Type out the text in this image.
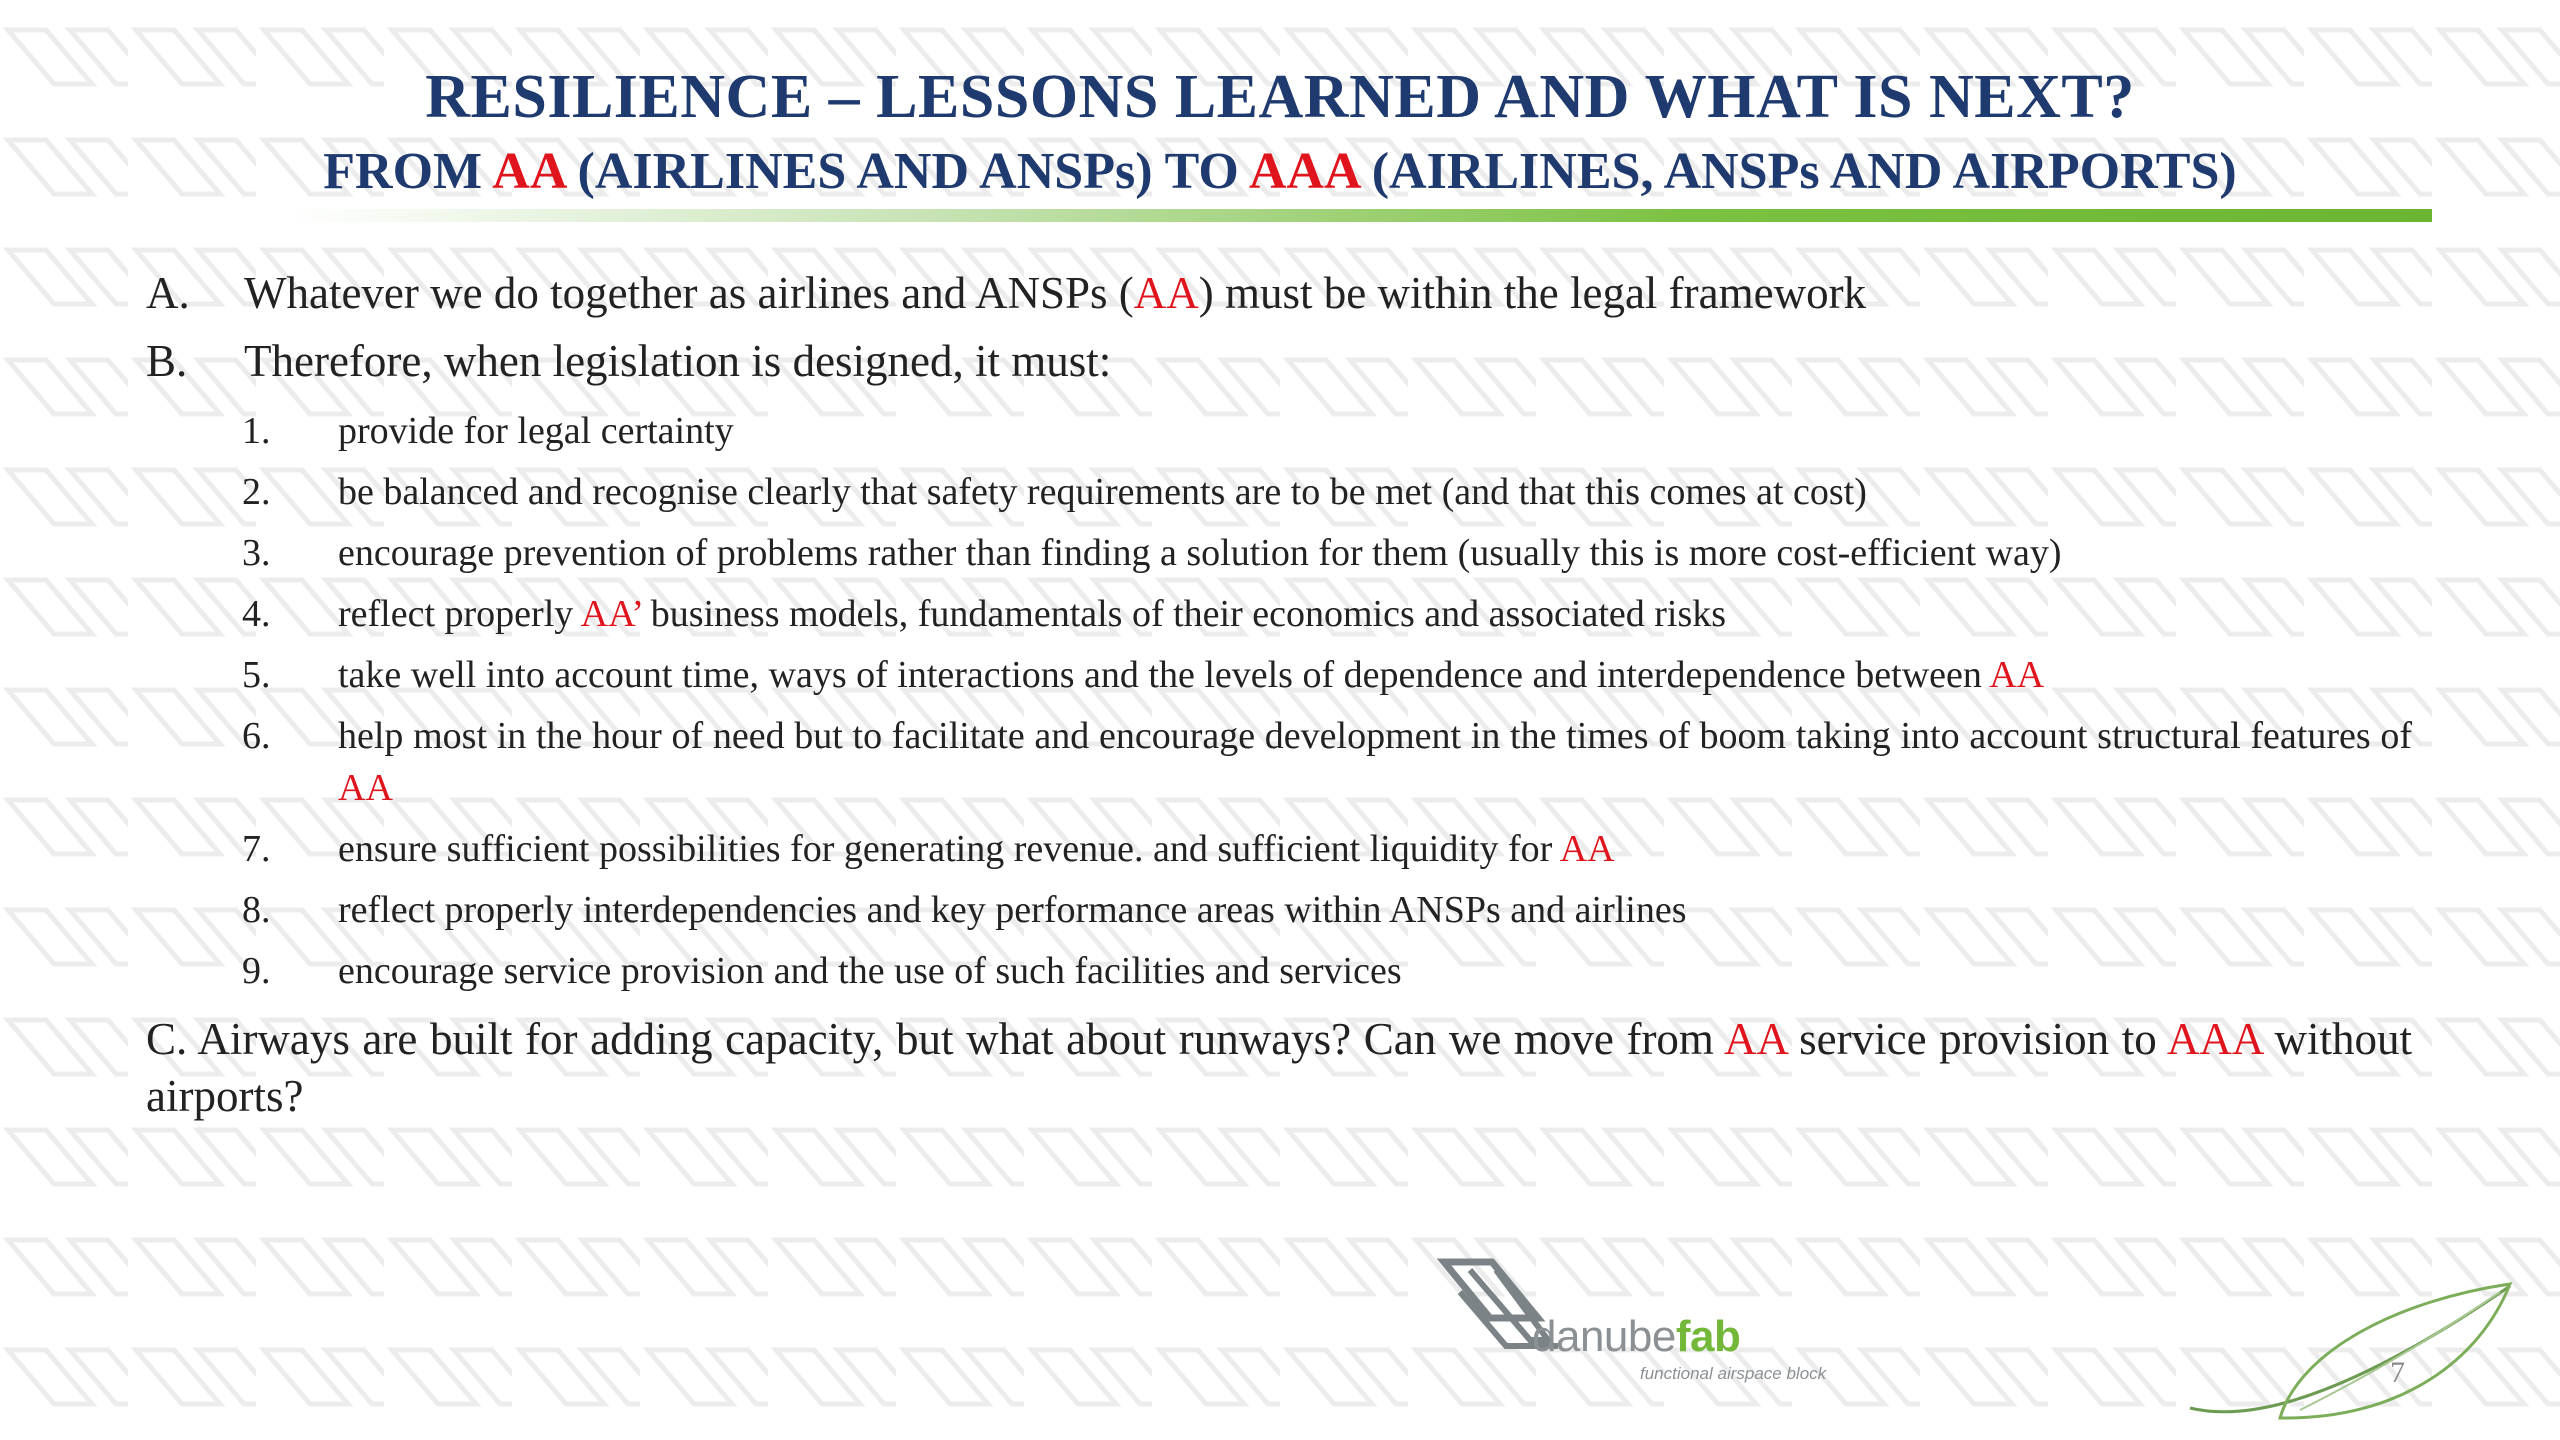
RESILIENCE – LESSONS LEARNED AND WHAT IS NEXT?
FROM AA (AIRLINES AND ANSPs) TO AAA (AIRLINES, ANSPs AND AIRPORTS)
A. Whatever we do together as airlines and ANSPs (AA) must be within the legal framework
B. Therefore, when legislation is designed, it must:
1. provide for legal certainty
2. be balanced and recognise clearly that safety requirements are to be met (and that this comes at cost)
3. encourage prevention of problems rather than finding a solution for them (usually this is more cost-efficient way)
4. reflect properly AA’ business models, fundamentals of their economics and associated risks
5. take well into account time, ways of interactions and the levels of dependence and interdependence between AA
6. help most in the hour of need but to facilitate and encourage development in the times of boom taking into account structural features of AA
7. ensure sufficient possibilities for generating revenue. and sufficient liquidity for AA
8. reflect properly interdependencies and key performance areas within ANSPs and airlines
9. encourage service provision and the use of such facilities and services
C. Airways are built for adding capacity, but what about runways? Can we move from AA service provision to AAA without airports?
danubefab
functional airspace block	7
